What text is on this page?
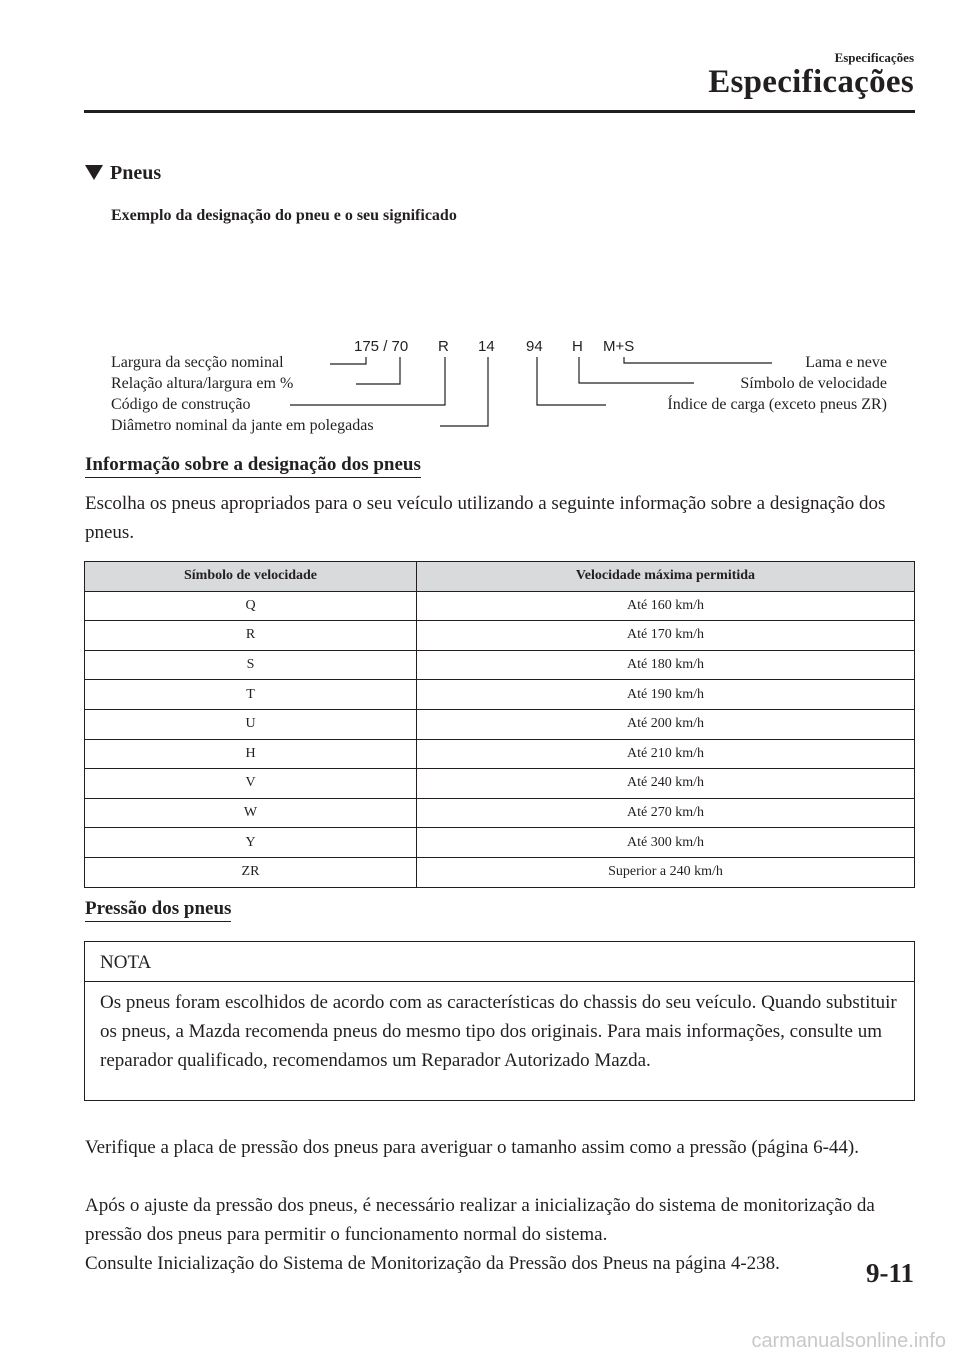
Especificações
Especificações
Pneus
Exemplo da designação do pneu e o seu significado
175 / 70 R 14 94 H M+S
Largura da secção nominal
Relação altura/largura em %
Código de construção
Diâmetro nominal da jante em polegadas
Lama e neve
Símbolo de velocidade
Índice de carga (exceto pneus ZR)
Informação sobre a designação dos pneus
Escolha os pneus apropriados para o seu veículo utilizando a seguinte informação sobre a designação dos pneus.
Símbolo de velocidade	Velocidade máxima permitida
Q	Até 160 km/h
R	Até 170 km/h
S	Até 180 km/h
T	Até 190 km/h
U	Até 200 km/h
H	Até 210 km/h
V	Até 240 km/h
W	Até 270 km/h
Y	Até 300 km/h
ZR	Superior a 240 km/h
Pressão dos pneus
NOTA
Os pneus foram escolhidos de acordo com as características do chassis do seu veículo. Quando substituir os pneus, a Mazda recomenda pneus do mesmo tipo dos originais. Para mais informações, consulte um reparador qualificado, recomendamos um Reparador Autorizado Mazda.
Verifique a placa de pressão dos pneus para averiguar o tamanho assim como a pressão (página 6-44).
Após o ajuste da pressão dos pneus, é necessário realizar a inicialização do sistema de monitorização da pressão dos pneus para permitir o funcionamento normal do sistema.
Consulte Inicialização do Sistema de Monitorização da Pressão dos Pneus na página 4-238.	9-11
carmanualsonline.info
